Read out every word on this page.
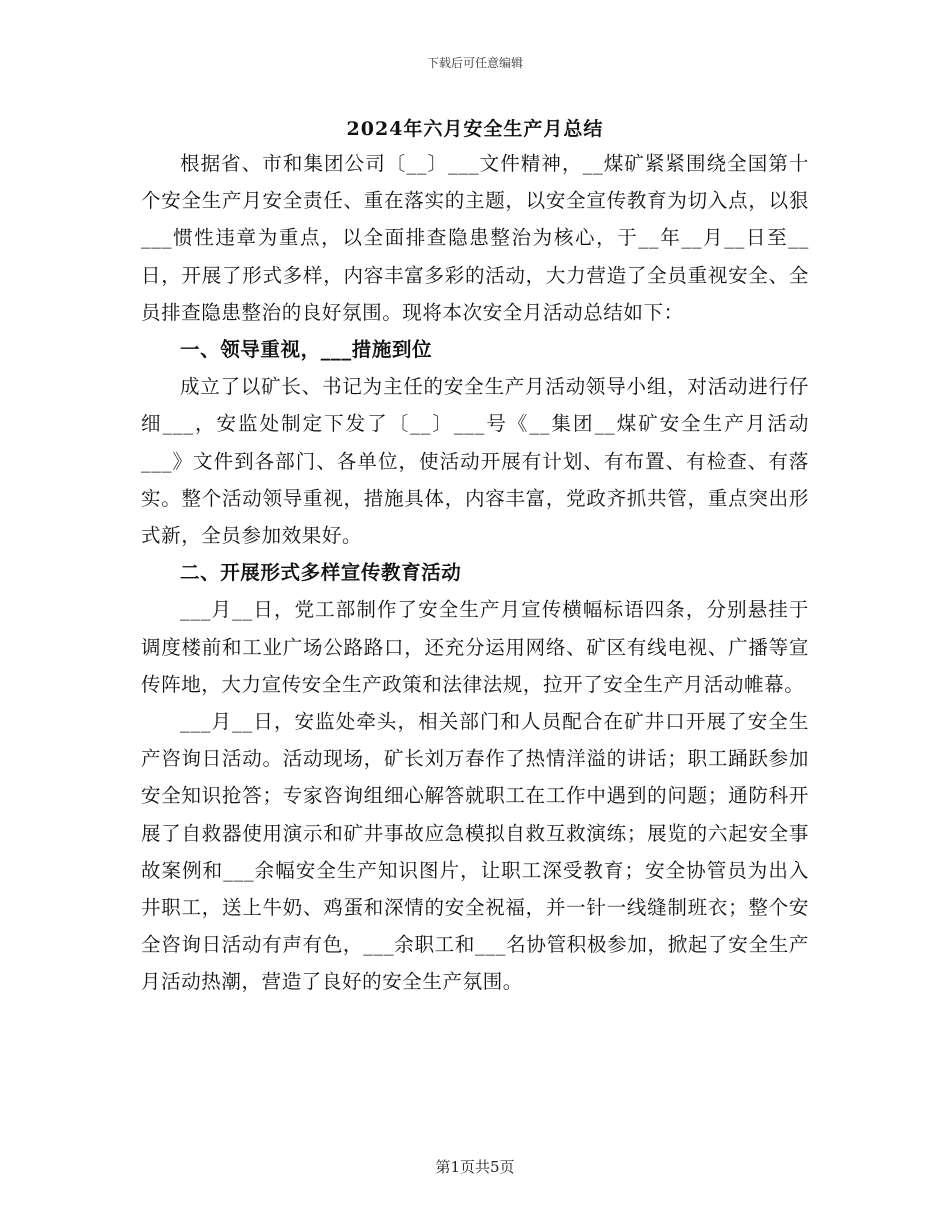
下载后可任意编辑
2024年六月安全生产月总结

根据省、市和集团公司〔__〕___文件精神，__煤矿紧紧围绕全国第十个安全生产月安全责任、重在落实的主题，以安全宣传教育为切入点，以狠___惯性违章为重点，以全面排查隐患整治为核心，于__年__月__日至__日，开展了形式多样，内容丰富多彩的活动，大力营造了全员重视安全、全员排查隐患整治的良好氛围。现将本次安全月活动总结如下：

一、领导重视，___措施到位

成立了以矿长、书记为主任的安全生产月活动领导小组，对活动进行仔细___，安监处制定下发了〔__〕___号《__集团__煤矿安全生产月活动___》文件到各部门、各单位，使活动开展有计划、有布置、有检查、有落实。整个活动领导重视，措施具体，内容丰富，党政齐抓共管，重点突出形式新，全员参加效果好。

二、开展形式多样宣传教育活动

___月__日，党工部制作了安全生产月宣传横幅标语四条，分别悬挂于调度楼前和工业广场公路路口，还充分运用网络、矿区有线电视、广播等宣传阵地，大力宣传安全生产政策和法律法规，拉开了安全生产月活动帷幕。

___月__日，安监处牵头，相关部门和人员配合在矿井口开展了安全生产咨询日活动。活动现场，矿长刘万春作了热情洋溢的讲话；职工踊跃参加安全知识抢答；专家咨询组细心解答就职工在工作中遇到的问题；通防科开展了自救器使用演示和矿井事故应急模拟自救互救演练；展览的六起安全事故案例和___余幅安全生产知识图片，让职工深受教育；安全协管员为出入井职工，送上牛奶、鸡蛋和深情的安全祝福，并一针一线缝制班衣；整个安全咨询日活动有声有色，___余职工和___名协管积极参加，掀起了安全生产月活动热潮，营造了良好的安全生产氛围。

第1页共5页
